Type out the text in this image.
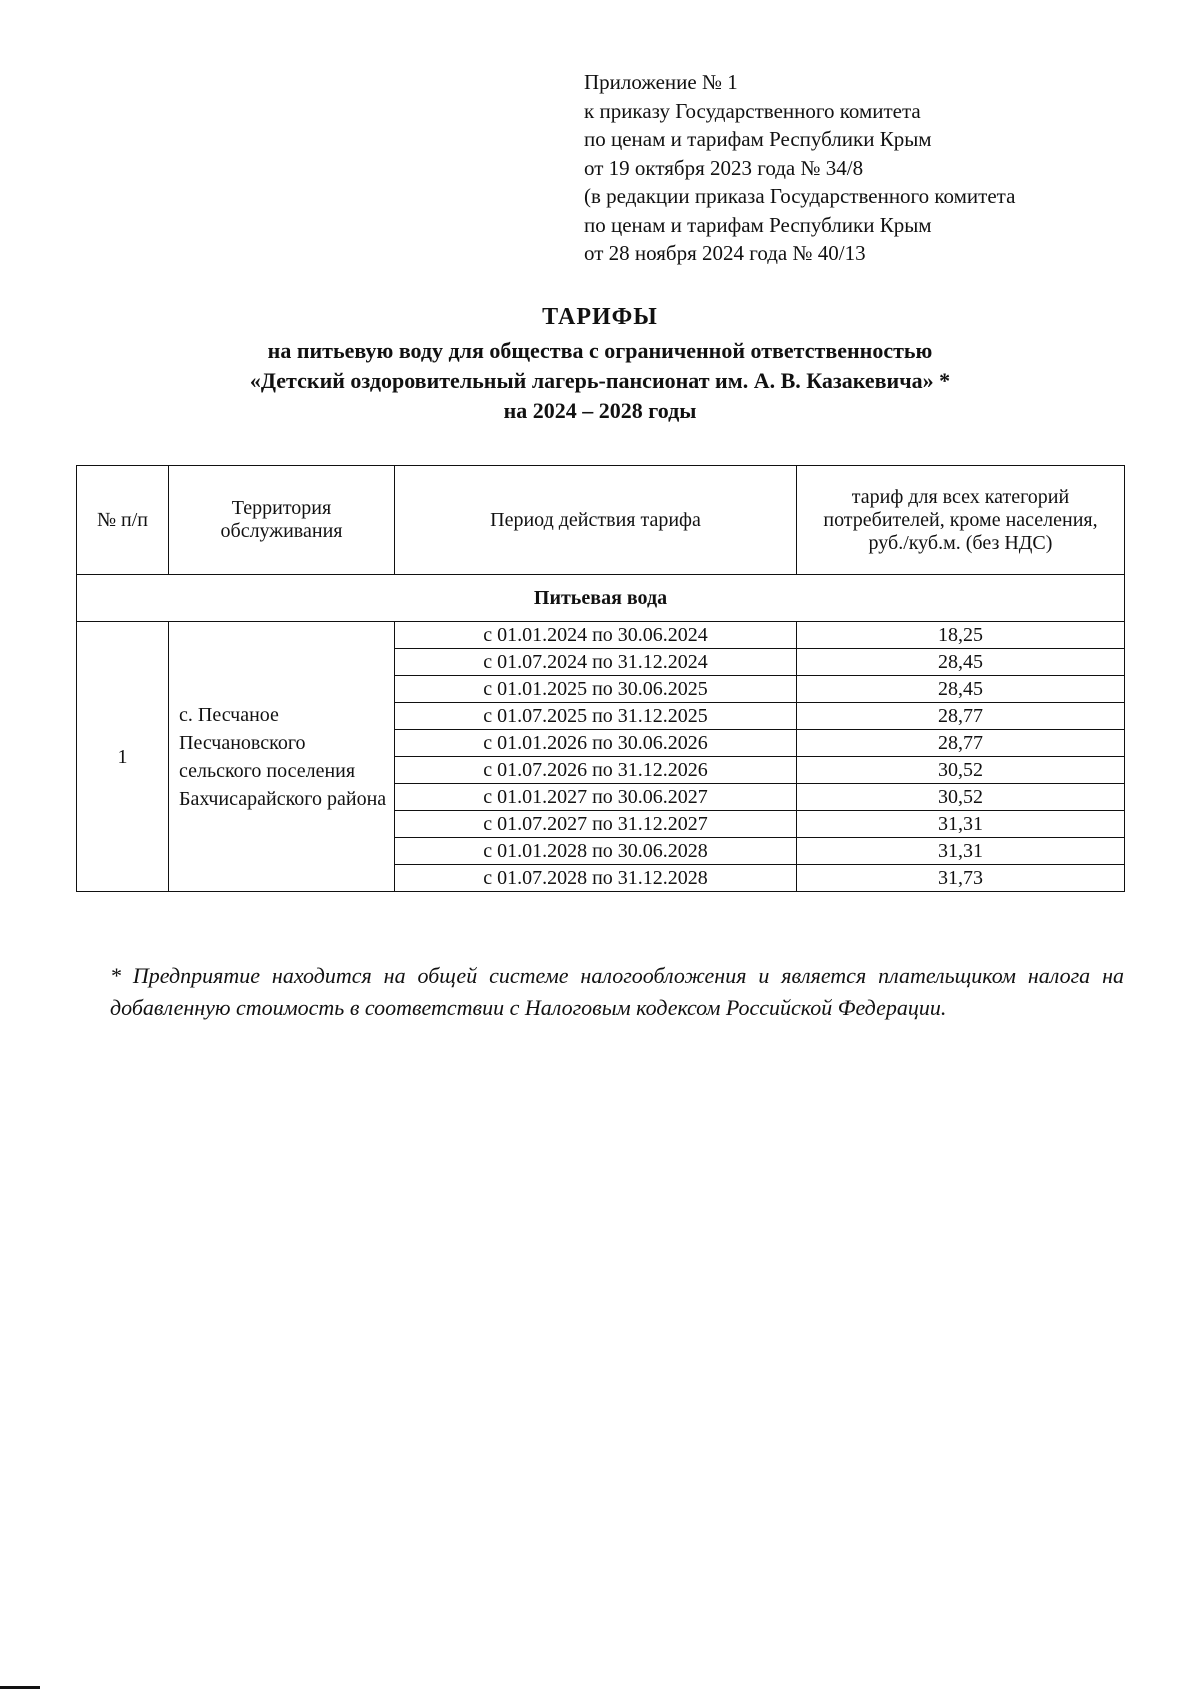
Приложение № 1
к приказу Государственного комитета
по ценам и тарифам Республики Крым
от 19 октября 2023 года № 34/8
(в редакции приказа Государственного комитета
по ценам и тарифам Республики Крым
от 28 ноября 2024 года № 40/13
ТАРИФЫ
на питьевую воду для общества с ограниченной ответственностью
«Детский оздоровительный лагерь-пансионат им. А. В. Казакевича» *
на 2024 – 2028 годы
№ п/п	Территория обслуживания	Период действия тарифа	тариф для всех категорий потребителей, кроме населения, руб./куб.м. (без НДС)
Питьевая вода			
1	с. Песчаное Песчановского сельского поселения Бахчисарайского района	с 01.01.2024 по 30.06.2024	18,25
		с 01.07.2024 по 31.12.2024	28,45
		с 01.01.2025 по 30.06.2025	28,45
		с 01.07.2025 по 31.12.2025	28,77
		с 01.01.2026 по 30.06.2026	28,77
		с 01.07.2026 по 31.12.2026	30,52
		с 01.01.2027 по 30.06.2027	30,52
		с 01.07.2027 по 31.12.2027	31,31
		с 01.01.2028 по 30.06.2028	31,31
		с 01.07.2028 по 31.12.2028	31,73
* Предприятие находится на общей системе налогообложения и является плательщиком налога на добавленную стоимость в соответствии с Налоговым кодексом Российской Федерации.
